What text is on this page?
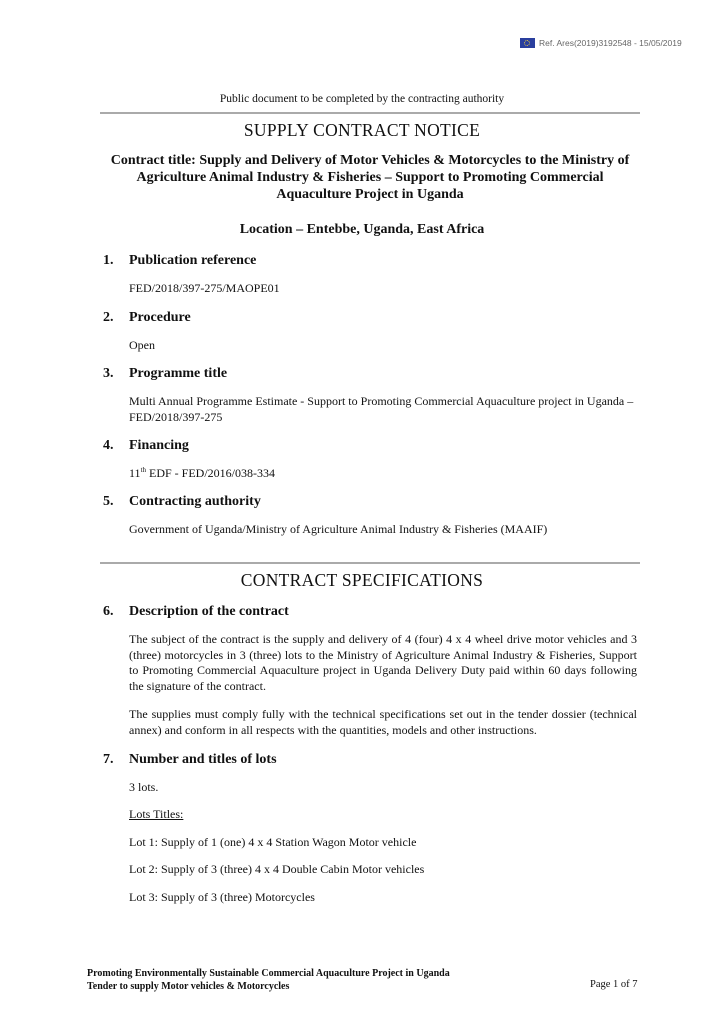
Ref. Ares(2019)3192548 - 15/05/2019
Public document to be completed by the contracting authority
SUPPLY CONTRACT NOTICE
Contract title: Supply and Delivery of Motor Vehicles & Motorcycles to the Ministry of Agriculture Animal Industry & Fisheries – Support to Promoting Commercial Aquaculture Project in Uganda
Location – Entebbe, Uganda, East Africa
1. Publication reference
FED/2018/397-275/MAOPE01
2. Procedure
Open
3. Programme title
Multi Annual Programme Estimate - Support to Promoting Commercial Aquaculture project in Uganda – FED/2018/397-275
4. Financing
11th EDF - FED/2016/038-334
5. Contracting authority
Government of Uganda/Ministry of Agriculture Animal Industry & Fisheries (MAAIF)
CONTRACT SPECIFICATIONS
6. Description of the contract
The subject of the contract is the supply and delivery of 4 (four) 4 x 4 wheel drive motor vehicles and 3 (three) motorcycles in 3 (three) lots to the Ministry of Agriculture Animal Industry & Fisheries, Support to Promoting Commercial Aquaculture project in Uganda Delivery Duty paid within 60 days following the signature of the contract.
The supplies must comply fully with the technical specifications set out in the tender dossier (technical annex) and conform in all respects with the quantities, models and other instructions.
7. Number and titles of lots
3 lots.
Lots Titles:
Lot 1: Supply of 1 (one) 4 x 4 Station Wagon Motor vehicle
Lot 2: Supply of 3 (three) 4 x 4 Double Cabin Motor vehicles
Lot 3: Supply of 3 (three) Motorcycles
Promoting Environmentally Sustainable Commercial Aquaculture Project in Uganda
Tender to supply Motor vehicles & Motorcycles	Page 1 of 7
